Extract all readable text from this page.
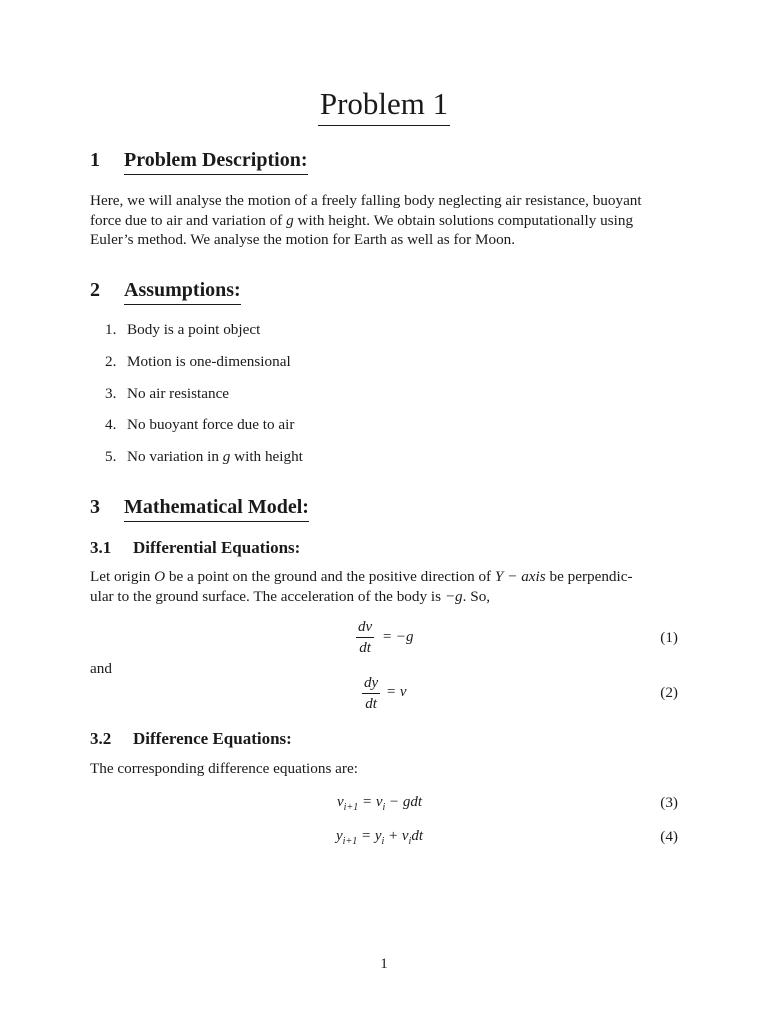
Problem 1
1	Problem Description:
Here, we will analyse the motion of a freely falling body neglecting air resistance, buoyant
force due to air and variation of g with height. We obtain solutions computationally using
Euler’s method. We analyse the motion for Earth as well as for Moon.
2	Assumptions:
1. Body is a point object
2. Motion is one-dimensional
3. No air resistance
4. No buoyant force due to air
5. No variation in g with height
3	Mathematical Model:
3.1	Differential Equations:
Let origin O be a point on the ground and the positive direction of Y − axis be perpendic-
ular to the ground surface. The acceleration of the body is −g. So,
$\frac{dv}{dt} = -g$	(1)
and
$\frac{dy}{dt} = v$	(2)
3.2	Difference Equations:
The corresponding difference equations are:
$v_{i+1} = v_i$ − gdt	(3)
$y_{i+1} = y_i + v_idt$	(4)
1
